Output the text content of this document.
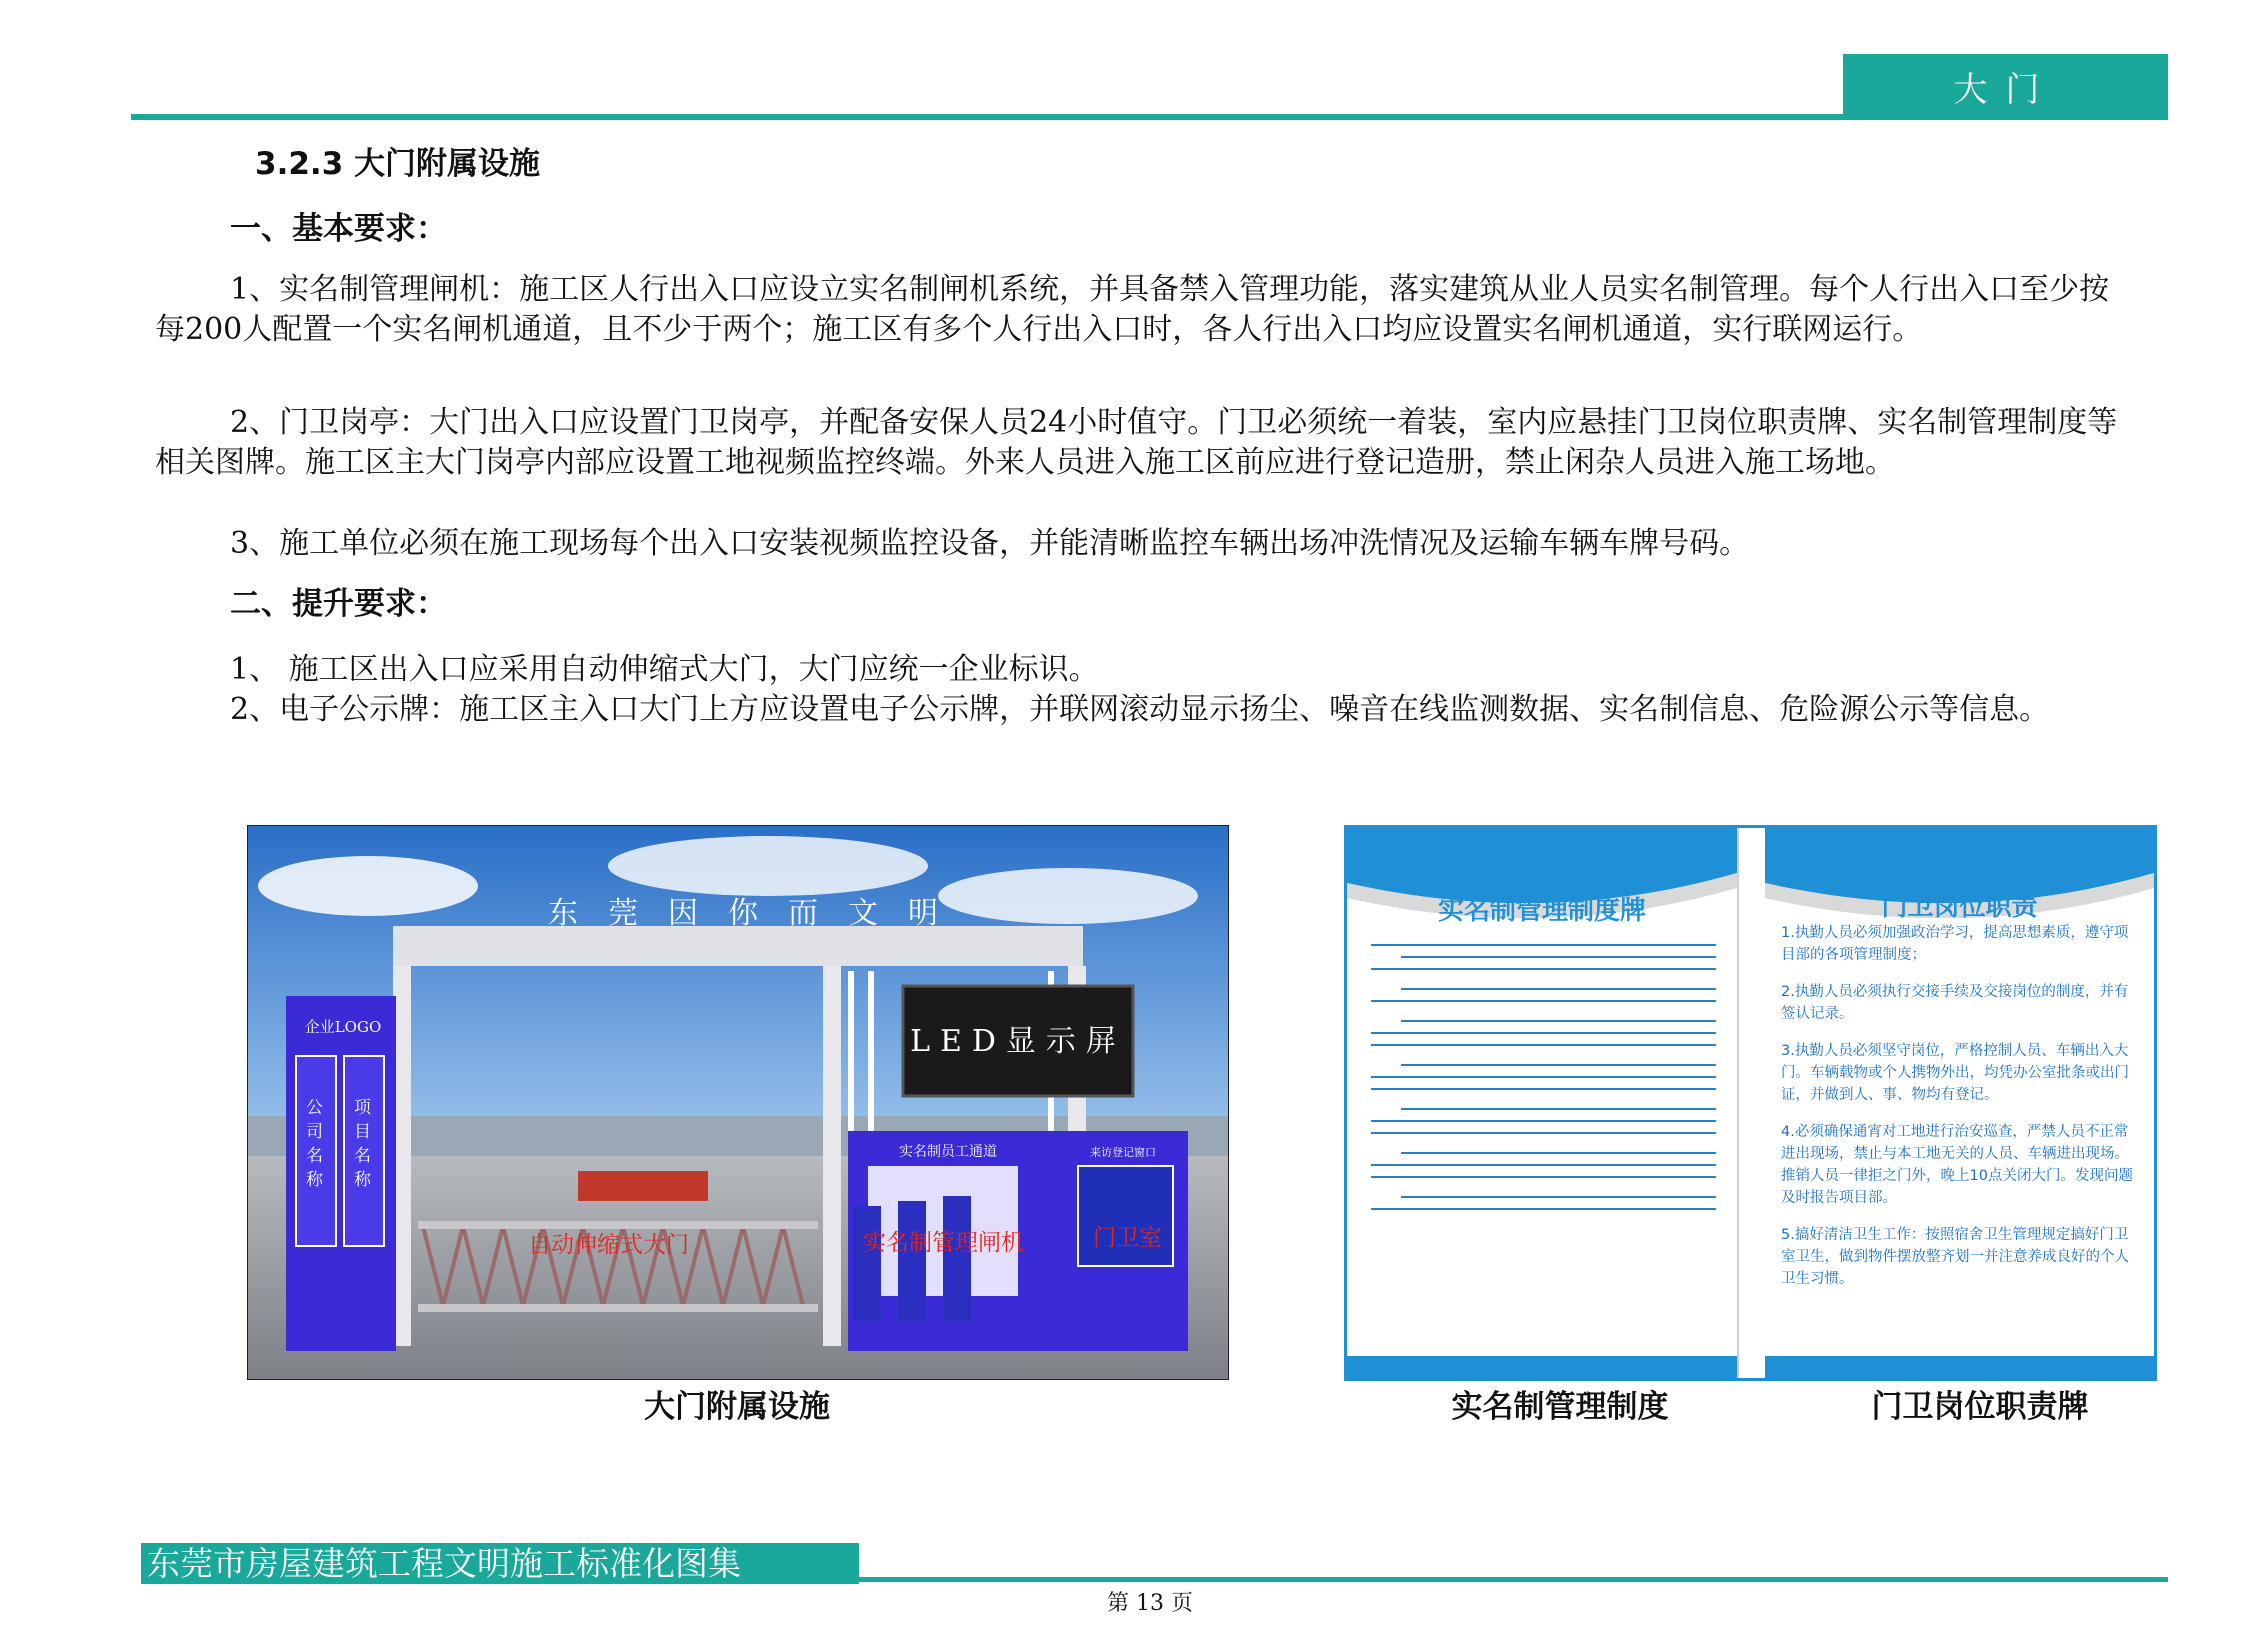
大门
3.2.3 大门附属设施
一、基本要求：
1、实名制管理闸机：施工区人行出入口应设立实名制闸机系统，并具备禁入管理功能，落实建筑从业人员实名制管理。每个人行出入口至少按每200人配置一个实名闸机通道，且不少于两个；施工区有多个人行出入口时，各人行出入口均应设置实名闸机通道，实行联网运行。
2、门卫岗亭：大门出入口应设置门卫岗亭，并配备安保人员24小时值守。门卫必须统一着装，室内应悬挂门卫岗位职责牌、实名制管理制度等相关图牌。施工区主大门岗亭内部应设置工地视频监控终端。外来人员进入施工区前应进行登记造册，禁止闲杂人员进入施工场地。
3、施工单位必须在施工现场每个出入口安装视频监控设备，并能清晰监控车辆出场冲洗情况及运输车辆车牌号码。
二、提升要求：
1、 施工区出入口应采用自动伸缩式大门，大门应统一企业标识。
2、电子公示牌：施工区主入口大门上方应设置电子公示牌，并联网滚动显示扬尘、噪音在线监测数据、实名制信息、危险源公示等信息。
东莞因你而文明
企业LOGO
公司名称
项目名称
LED显示屏
实名制员工通道	来访登记窗口
自动伸缩式大门	实名制管理闸机	门卫室
实名制管理制度牌	门卫岗位职责
1.执勤人员必须加强政治学习，提高思想素质，遵守项目部的各项管理制度；
2.执勤人员必须执行交接手续及交接岗位的制度，并有签认记录。
3.执勤人员必须坚守岗位，严格控制人员、车辆出入大门。车辆载物或个人携物外出，均凭办公室批条或出门证，并做到人、事、物均有登记。
4.必须确保通宵对工地进行治安巡查，严禁人员不正常进出现场，禁止与本工地无关的人员、车辆进出现场。推销人员一律拒之门外，晚上10点关闭大门。发现问题及时报告项目部。
5.搞好清洁卫生工作：按照宿舍卫生管理规定搞好门卫室卫生，做到物件摆放整齐划一并注意养成良好的个人卫生习惯。
大门附属设施	实名制管理制度	门卫岗位职责牌
东莞市房屋建筑工程文明施工标准化图集
第 13 页
